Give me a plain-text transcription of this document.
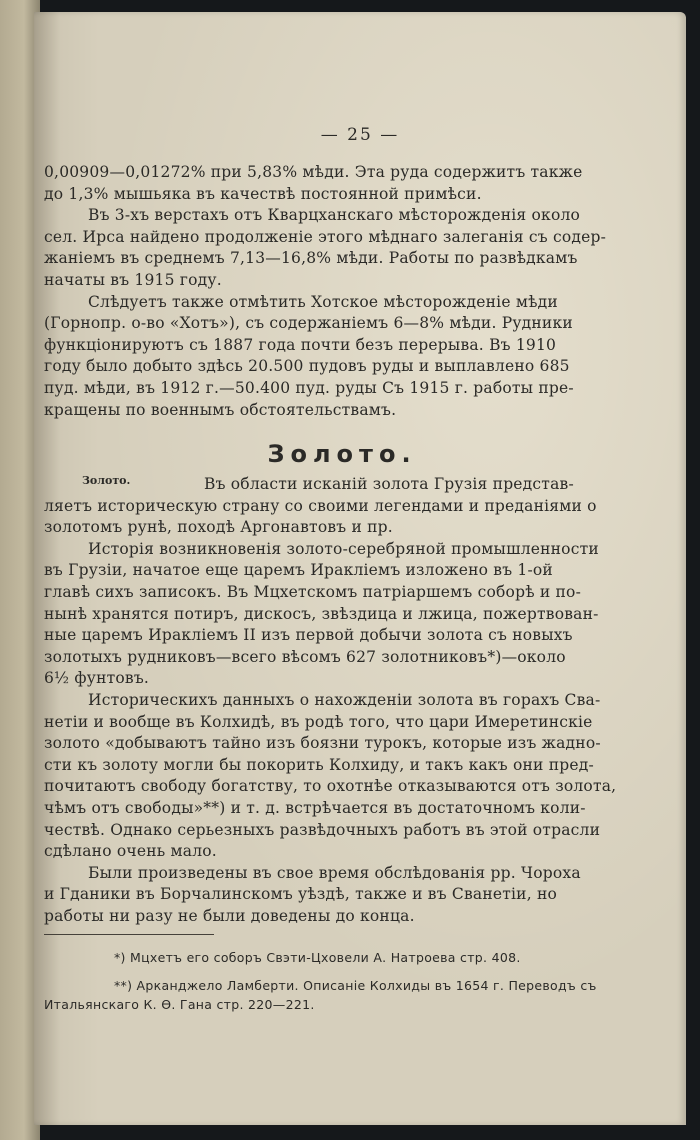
— 25 —
0,00909—0,01272% при 5,83% мѣди. Эта руда содержитъ также
до 1,3% мышьяка въ качествѣ постоянной примѣси.
Въ 3-хъ верстахъ отъ Кварцханскаго мѣсторожденія около
сел. Ирса найдено продолженіе этого мѣднаго залеганія съ содер-
жаніемъ въ среднемъ 7,13—16,8% мѣди. Работы по развѣдкамъ
начаты въ 1915 году.
Слѣдуетъ также отмѣтить Хотское мѣсторожденіе мѣди
(Горнопр. о-во «Хотъ»), съ содержаніемъ 6—8% мѣди. Рудники
функціонируютъ съ 1887 года почти безъ перерыва. Въ 1910
году было добыто здѣсь 20.500 пудовъ руды и выплавлено 685
пуд. мѣди, въ 1912 г.—50.400 пуд. руды Съ 1915 г. работы пре-
кращены по военнымъ обстоятельствамъ.
Золото.
Золото.	Въ области исканій золота Грузія представ-
ляетъ историческую страну со своими легендами и преданіями о
золотомъ рунѣ, походѣ Аргонавтовъ и пр.
Исторія возникновенія золото-серебряной промышленности
въ Грузіи, начатое еще царемъ Иракліемъ изложено въ 1-ой
главѣ сихъ записокъ. Въ Мцхетскомъ патріаршемъ соборѣ и по-
нынѣ хранятся потиръ, дискосъ, звѣздица и лжица, пожертвован-
ные царемъ Иракліемъ II изъ первой добычи золота съ новыхъ
золотыхъ рудниковъ—всего вѣсомъ 627 золотниковъ*)—около
6½ фунтовъ.
Историческихъ данныхъ о нахожденіи золота въ горахъ Сва-
нетіи и вообще въ Колхидѣ, въ родѣ того, что цари Имеретинскіе
золото «добываютъ тайно изъ боязни турокъ, которые изъ жадно-
сти къ золоту могли бы покорить Колхиду, и такъ какъ они пред-
почитаютъ свободу богатству, то охотнѣе отказываются отъ золота,
чѣмъ отъ свободы»**) и т. д. встрѣчается въ достаточномъ коли-
чествѣ. Однако серьезныхъ развѣдочныхъ работъ въ этой отрасли
сдѣлано очень мало.
Были произведены въ свое время обслѣдованія рр. Чороха
и Гданики въ Борчалинскомъ уѣздѣ, также и въ Сванетіи, но
работы ни разу не были доведены до конца.
*) Мцхетъ его соборъ Свэти-Цховели А. Натроева стр. 408.
**) Арканджело Ламберти. Описаніе Колхиды въ 1654 г. Переводъ съ
Итальянскаго К. Ө. Гана стр. 220—221.
